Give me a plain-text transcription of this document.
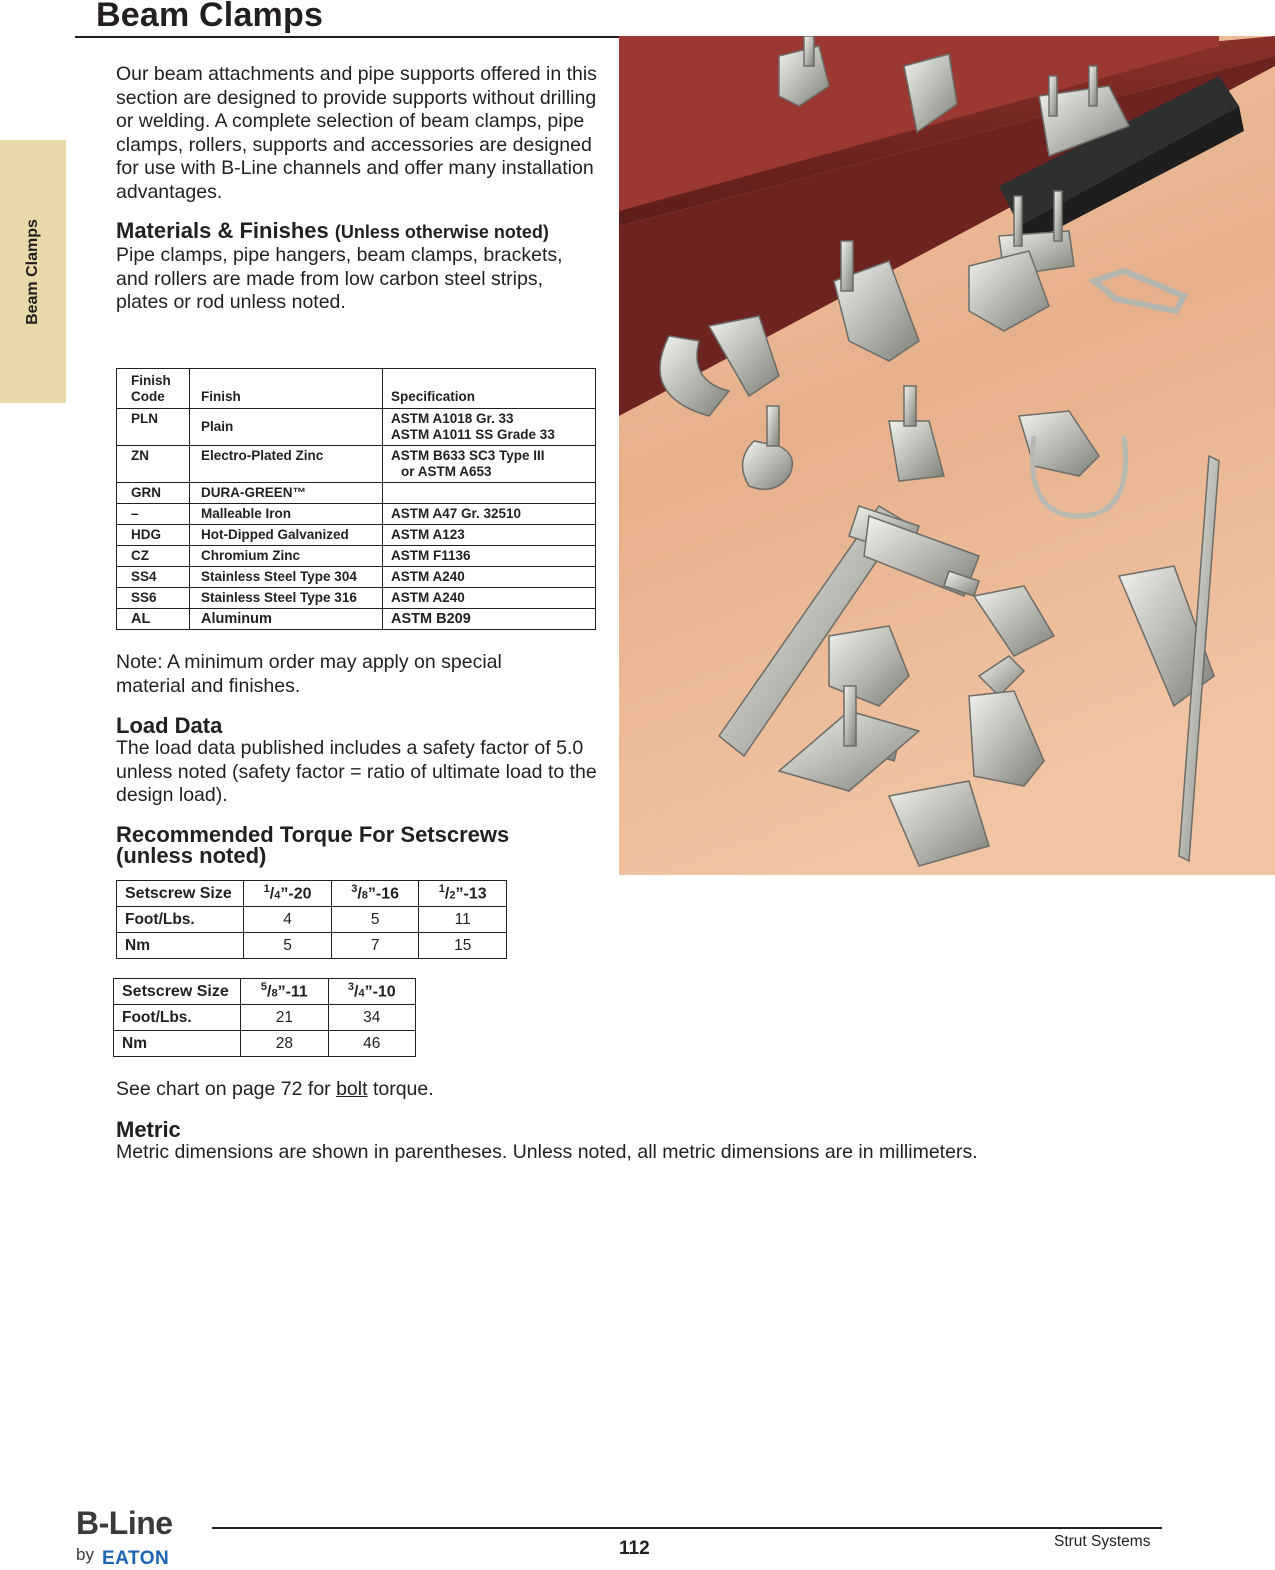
Beam Clamps
Beam Clamps

Our beam attachments and pipe supports offered in this section are designed to provide supports without drilling or welding. A complete selection of beam clamps, pipe clamps, rollers, supports and accessories are designed for use with B-Line channels and offer many installation advantages.

Materials & Finishes (Unless otherwise noted)

Pipe clamps, pipe hangers, beam clamps, brackets, and rollers are made from low carbon steel strips, plates or rod unless noted.

Finish
Code	Finish	Specification
PLN	Plain	ASTM A1018 Gr. 33
ASTM A1011 SS Grade 33

ZN	Electro-Plated Zinc	ASTM B633 SC3 Type III
or ASTM A653

GRN	DURA-GREEN™	
–	Malleable Iron	ASTM A47 Gr. 32510
HDG	Hot-Dipped Galvanized	ASTM A123
CZ	Chromium Zinc	ASTM F1136
SS4	Stainless Steel Type 304	ASTM A240
SS6	Stainless Steel Type 316	ASTM A240
AL	Aluminum	ASTM B209

Note: A minimum order may apply on special material and finishes.

Load Data

The load data published includes a safety factor of 5.0 unless noted (safety factor = ratio of ultimate load to the design load).

Recommended Torque For Setscrews
(unless noted)

Setscrew Size	$^1$/4”-20	$^3$/8”-16	$^1$/2”-13
Foot/Lbs.	4	5	11
Nm	5	7	15
Setscrew Size	$^5$/8”-11	$^3$/4”-10
Foot/Lbs.	21	34
Nm	28	46

See chart on page 72 for bolt torque.

Metric

Metric dimensions are shown in parentheses. Unless noted, all metric dimensions are in millimeters.

B-Line
by EATON	112	Strut Systems
